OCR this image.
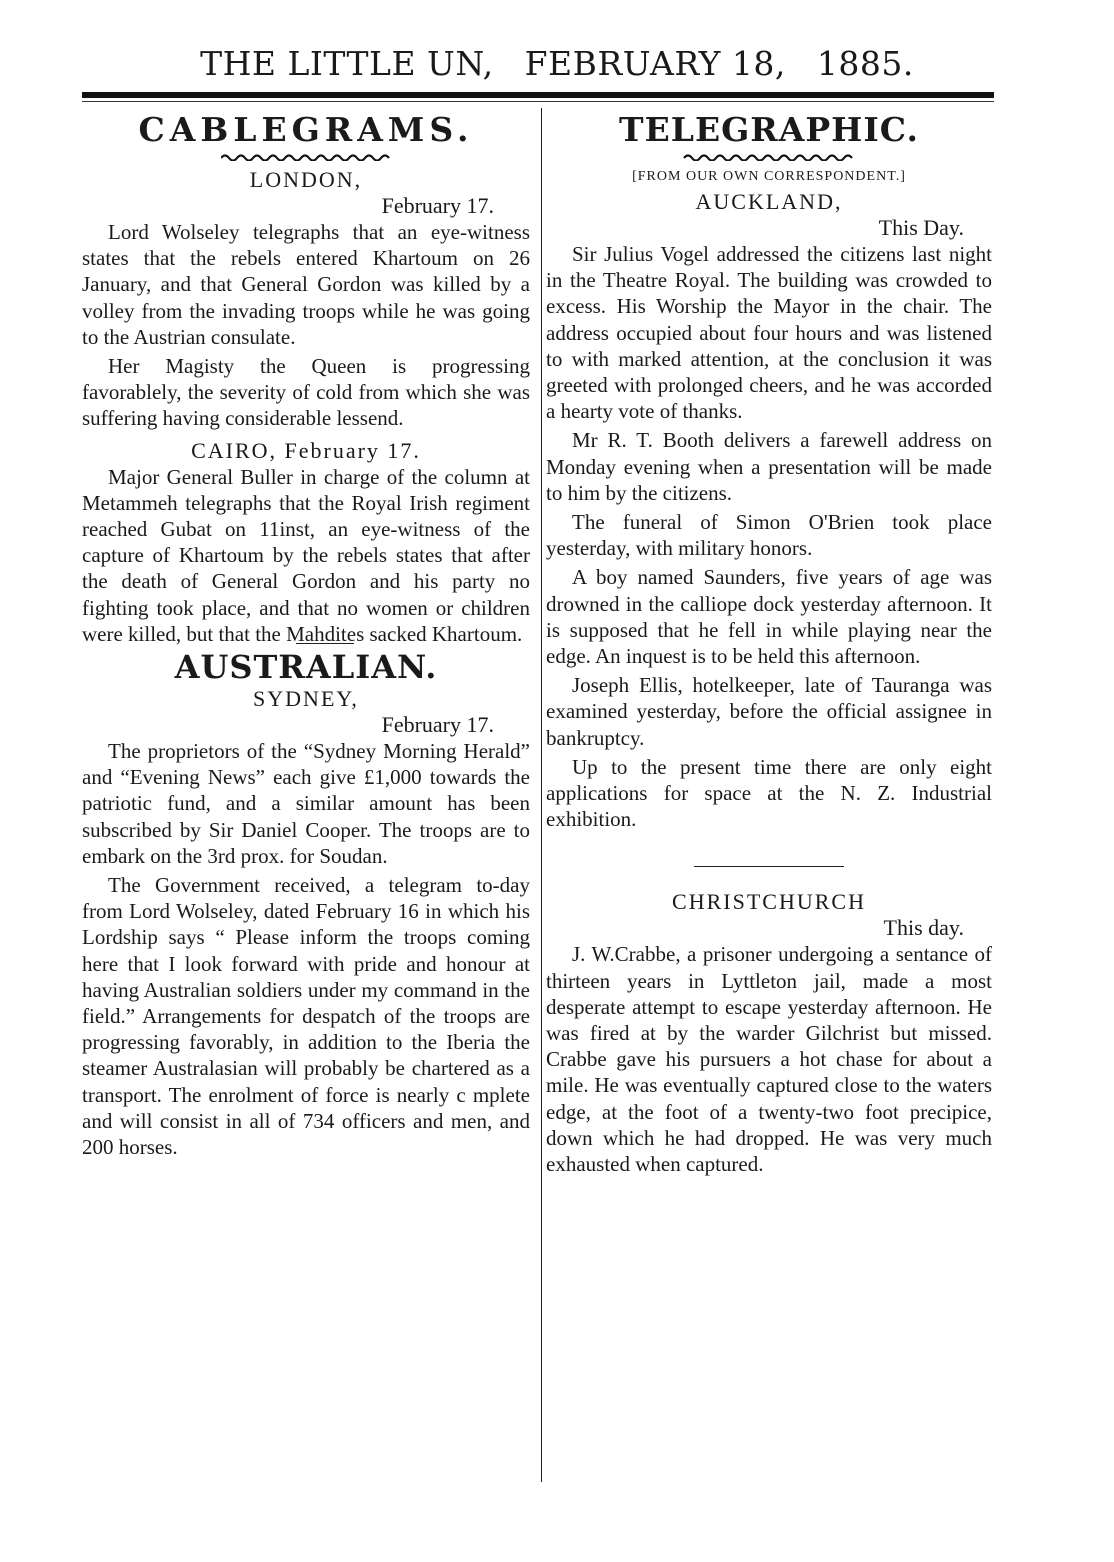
THE LITTLE UN, FEBRUARY 18, 1885.
CABLEGRAMS.
LONDON,
February 17.

Lord Wolseley telegraphs that an eye-witness states that the rebels entered Khartoum on 26 January, and that General Gordon was killed by a volley from the invading troops while he was going to the Austrian consulate.

Her Magisty the Queen is progressing favorablely, the severity of cold from which she was suffering having considerable lessend.

CAIRO, February 17.

Major General Buller in charge of the column at Metammeh telegraphs that the Royal Irish regiment reached Gubat on 11inst, an eye-witness of the capture of Khartoum by the rebels states that after the death of General Gordon and his party no fighting took place, and that no women or children were killed, but that the Mahdites sacked Khartoum.

AUSTRALIAN.
SYDNEY,
February 17.

The proprietors of the “Sydney Morning Herald” and “Evening News” each give £1,000 towards the patriotic fund, and a similar amount has been subscribed by Sir Daniel Cooper. The troops are to embark on the 3rd prox. for Soudan.

The Government received, a telegram to-day from Lord Wolseley, dated February 16 in which his Lordship says “ Please inform the troops coming here that I look forward with pride and honour at having Australian soldiers under my command in the field.” Arrangements for despatch of the troops are progressing favorably, in addition to the Iberia the steamer Australasian will probably be chartered as a transport. The enrolment of force is nearly c mplete and will consist in all of 734 officers and men, and 200 horses.

TELEGRAPHIC.
[FROM OUR OWN CORRESPONDENT.]
AUCKLAND,
This Day.

Sir Julius Vogel addressed the citizens last night in the Theatre Royal. The building was crowded to excess. His Worship the Mayor in the chair. The address occupied about four hours and was listened to with marked attention, at the conclusion it was greeted with prolonged cheers, and he was accorded a hearty vote of thanks.

Mr R. T. Booth delivers a farewell address on Monday evening when a presentation will be made to him by the citizens.

The funeral of Simon O'Brien took place yesterday, with military honors.

A boy named Saunders, five years of age was drowned in the calliope dock yesterday afternoon. It is supposed that he fell in while playing near the edge. An inquest is to be held this afternoon.

Joseph Ellis, hotelkeeper, late of Tauranga was examined yesterday, before the official assignee in bankruptcy.

Up to the present time there are only eight applications for space at the N. Z. Industrial exhibition.

CHRISTCHURCH
This day.

J. W.Crabbe, a prisoner undergoing a sentance of thirteen years in Lyttleton jail, made a most desperate attempt to escape yesterday afternoon. He was fired at by the warder Gilchrist but missed. Crabbe gave his pursuers a hot chase for about a mile. He was eventually captured close to the waters edge, at the foot of a twenty-two foot precipice, down which he had dropped. He was very much exhausted when captured.
